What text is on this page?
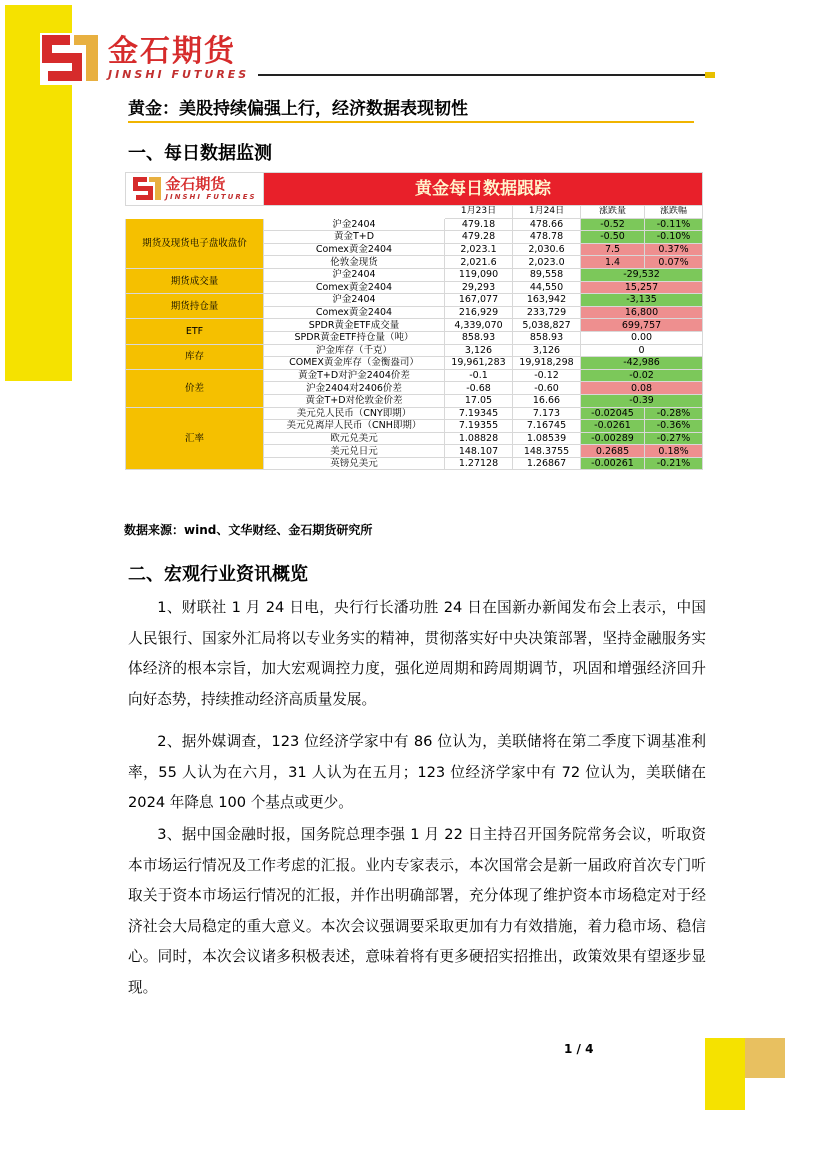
金石期货
JINSHI FUTURES
黄金：美股持续偏强上行，经济数据表现韧性
一、每日数据监测
金石期货
JINSHI FUTURES	黄金每日数据跟踪				
		1月23日	1月24日	涨跌量	涨跌幅
期货及现货电子盘收盘价	沪金2404	479.18	478.66	-0.52	-0.11%
	黄金T+D	479.28	478.78	-0.50	-0.10%
	Comex黄金2404	2,023.1	2,030.6	7.5	0.37%
	伦敦金现货	2,021.6	2,023.0	1.4	0.07%
期货成交量	沪金2404	119,090	89,558	-29,532	
	Comex黄金2404	29,293	44,550	15,257	
期货持仓量	沪金2404	167,077	163,942	-3,135	
	Comex黄金2404	216,929	233,729	16,800	
ETF	SPDR黄金ETF成交量	4,339,070	5,038,827	699,757	
	SPDR黄金ETF持仓量（吨）	858.93	858.93	0.00	
库存	沪金库存（千克）	3,126	3,126	0	
	COMEX黄金库存（金衡盎司）	19,961,283	19,918,298	-42,986	
价差	黄金T+D对沪金2404价差	-0.1	-0.12	-0.02	
	沪金2404对2406价差	-0.68	-0.60	0.08	
	黄金T+D对伦敦金价差	17.05	16.66	-0.39	
汇率	美元兑人民币（CNY即期）	7.19345	7.173	-0.02045	-0.28%
	美元兑离岸人民币（CNH即期）	7.19355	7.16745	-0.0261	-0.36%
	欧元兑美元	1.08828	1.08539	-0.00289	-0.27%
	美元兑日元	148.107	148.3755	0.2685	0.18%
	英镑兑美元	1.27128	1.26867	-0.00261	-0.21%
数据来源：wind、文华财经、金石期货研究所
二、宏观行业资讯概览
1、财联社 1 月 24 日电，央行行长潘功胜 24 日在国新办新闻发布会上表示，中国人民银行、国家外汇局将以专业务实的精神，贯彻落实好中央决策部署，坚持金融服务实体经济的根本宗旨，加大宏观调控力度，强化逆周期和跨周期调节，巩固和增强经济回升向好态势，持续推动经济高质量发展。
2、据外媒调查，123 位经济学家中有 86 位认为，美联储将在第二季度下调基准利率，55 人认为在六月，31 人认为在五月；123 位经济学家中有 72 位认为，美联储在 2024 年降息 100 个基点或更少。
3、据中国金融时报，国务院总理李强 1 月 22 日主持召开国务院常务会议，听取资本市场运行情况及工作考虑的汇报。业内专家表示，本次国常会是新一届政府首次专门听取关于资本市场运行情况的汇报，并作出明确部署，充分体现了维护资本市场稳定对于经济社会大局稳定的重大意义。本次会议强调要采取更加有力有效措施，着力稳市场、稳信心。同时，本次会议诸多积极表述，意味着将有更多硬招实招推出，政策效果有望逐步显现。
1 / 4
